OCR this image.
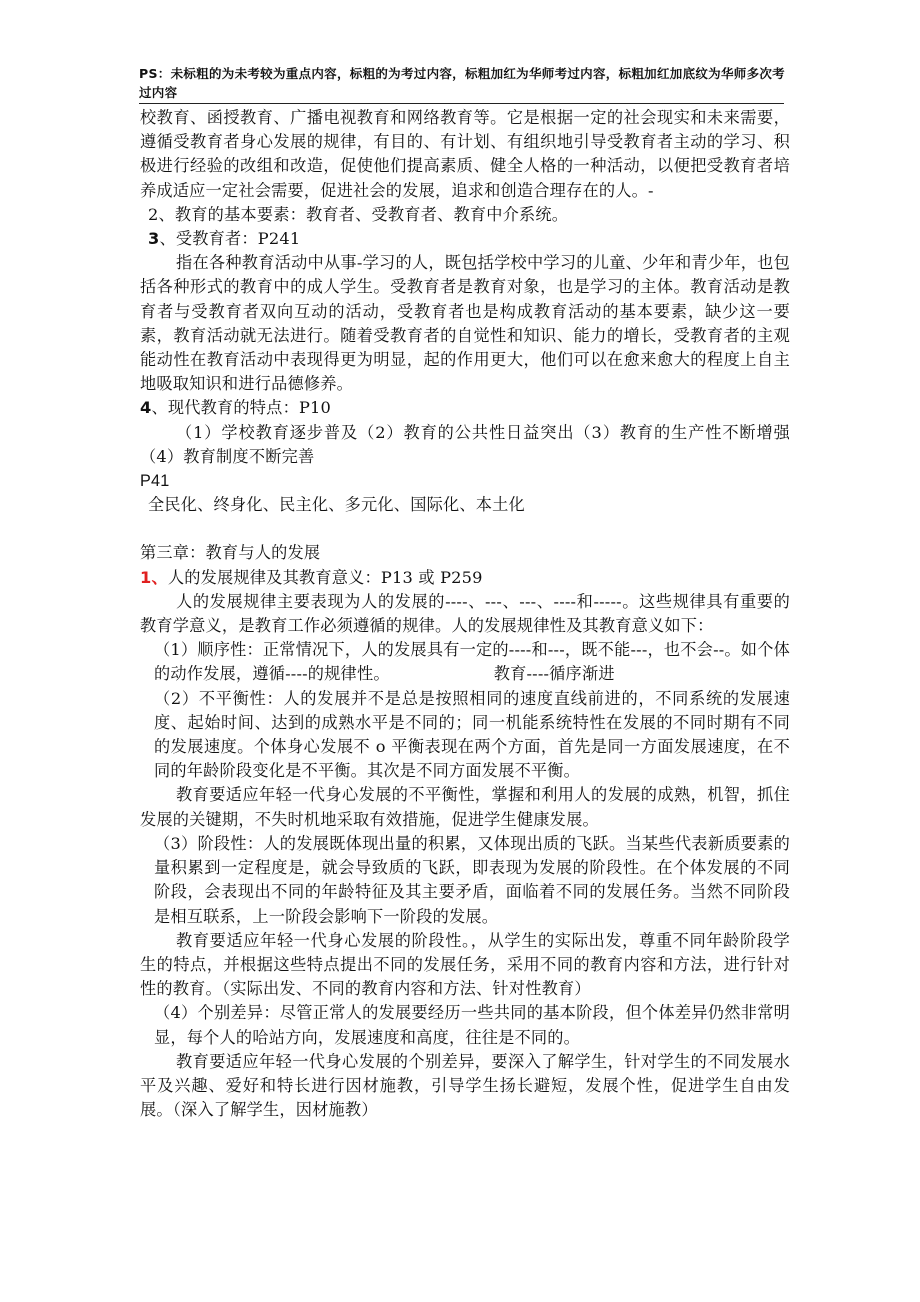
PS：未标粗的为未考较为重点内容，标粗的为考过内容，标粗加红为华师考过内容，标粗加红加底纹为华师多次考过内容

校教育、函授教育、广播电视教育和网络教育等。它是根据一定的社会现实和未来需要，遵循受教育者身心发展的规律，有目的、有计划、有组织地引导受教育者主动的学习、积极进行经验的改组和改造，促使他们提高素质、健全人格的一种活动，以便把受教育者培养成适应一定社会需要，促进社会的发展，追求和创造合理存在的人。-

2、教育的基本要素：教育者、受教育者、教育中介系统。

3、受教育者：P241

指在各种教育活动中从事-学习的人，既包括学校中学习的儿童、少年和青少年，也包括各种形式的教育中的成人学生。受教育者是教育对象，也是学习的主体。教育活动是教育者与受教育者双向互动的活动，受教育者也是构成教育活动的基本要素，缺少这一要素，教育活动就无法进行。随着受教育者的自觉性和知识、能力的增长，受教育者的主观能动性在教育活动中表现得更为明显，起的作用更大，他们可以在愈来愈大的程度上自主地吸取知识和进行品德修养。

4、现代教育的特点：P10

（1）学校教育逐步普及（2）教育的公共性日益突出（3）教育的生产性不断增强（4）教育制度不断完善

P41

全民化、终身化、民主化、多元化、国际化、本土化

第三章：教育与人的发展

1、人的发展规律及其教育意义：P13 或 P259

人的发展规律主要表现为人的发展的----、---、---、----和-----。这些规律具有重要的教育学意义，是教育工作必须遵循的规律。人的发展规律性及其教育意义如下：

（1）顺序性：正常情况下，人的发展具有一定的----和---，既不能---，也不会--。如个体的动作发展，遵循----的规律性。	教育----循序渐进

（2）不平衡性：人的发展并不是总是按照相同的速度直线前进的，不同系统的发展速度、起始时间、达到的成熟水平是不同的；同一机能系统特性在发展的不同时期有不同的发展速度。个体身心发展不 o 平衡表现在两个方面，首先是同一方面发展速度，在不同的年龄阶段变化是不平衡。其次是不同方面发展不平衡。

教育要适应年轻一代身心发展的不平衡性，掌握和利用人的发展的成熟，机智，抓住发展的关键期，不失时机地采取有效措施，促进学生健康发展。

（3）阶段性：人的发展既体现出量的积累，又体现出质的飞跃。当某些代表新质要素的量积累到一定程度是，就会导致质的飞跃，即表现为发展的阶段性。在个体发展的不同阶段，会表现出不同的年龄特征及其主要矛盾，面临着不同的发展任务。当然不同阶段是相互联系，上一阶段会影响下一阶段的发展。

教育要适应年轻一代身心发展的阶段性。，从学生的实际出发，尊重不同年龄阶段学生的特点，并根据这些特点提出不同的发展任务，采用不同的教育内容和方法，进行针对性的教育。（实际出发、不同的教育内容和方法、针对性教育）

（4）个别差异：尽管正常人的发展要经历一些共同的基本阶段，但个体差异仍然非常明显，每个人的哈站方向，发展速度和高度，往往是不同的。

教育要适应年轻一代身心发展的个别差异，要深入了解学生，针对学生的不同发展水平及兴趣、爱好和特长进行因材施教，引导学生扬长避短，发展个性，促进学生自由发展。（深入了解学生，因材施教）
